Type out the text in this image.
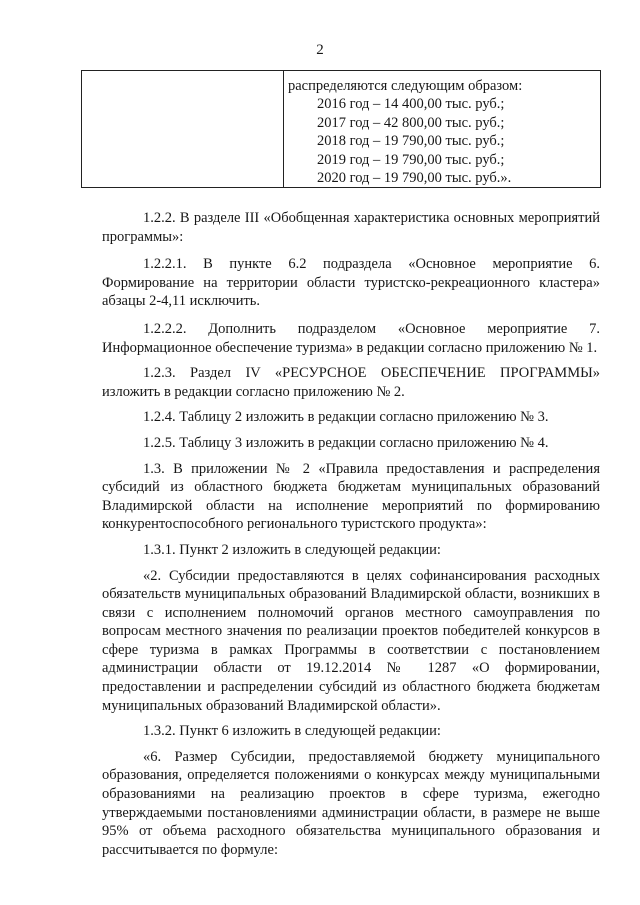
2

распределяются следующим образом:
2016 год – 14 400,00 тыс. руб.;
2017 год – 42 800,00 тыс. руб.;
2018 год – 19 790,00 тыс. руб.;
2019 год – 19 790,00 тыс. руб.;
2020 год – 19 790,00 тыс. руб.».

1.2.2. В разделе III «Обобщенная характеристика основных мероприятий программы»:

1.2.2.1. В пункте 6.2 подраздела «Основное мероприятие 6. Формирование на территории области туристско-рекреационного кластера» абзацы 2-4,11 исключить.

1.2.2.2. Дополнить подразделом «Основное мероприятие 7. Информационное обеспечение туризма» в редакции согласно приложению № 1.

1.2.3. Раздел IV «РЕСУРСНОЕ ОБЕСПЕЧЕНИЕ ПРОГРАММЫ» изложить в редакции согласно приложению № 2.

1.2.4. Таблицу 2 изложить в редакции согласно приложению № 3.

1.2.5. Таблицу 3 изложить в редакции согласно приложению № 4.

1.3. В приложении № 2 «Правила предоставления и распределения субсидий из областного бюджета бюджетам муниципальных образований Владимирской области на исполнение мероприятий по формированию конкурентоспособного регионального туристского продукта»:

1.3.1. Пункт 2 изложить в следующей редакции:

«2. Субсидии предоставляются в целях софинансирования расходных обязательств муниципальных образований Владимирской области, возникших в связи с исполнением полномочий органов местного самоуправления по вопросам местного значения по реализации проектов победителей конкурсов в сфере туризма в рамках Программы в соответствии с постановлением администрации области от 19.12.2014 № 1287 «О формировании, предоставлении и распределении субсидий из областного бюджета бюджетам муниципальных образований Владимирской области».

1.3.2. Пункт 6 изложить в следующей редакции:

«6. Размер Субсидии, предоставляемой бюджету муниципального образования, определяется положениями о конкурсах между муниципальными образованиями на реализацию проектов в сфере туризма, ежегодно утверждаемыми постановлениями администрации области, в размере не выше 95% от объема расходного обязательства муниципального образования и рассчитывается по формуле:
